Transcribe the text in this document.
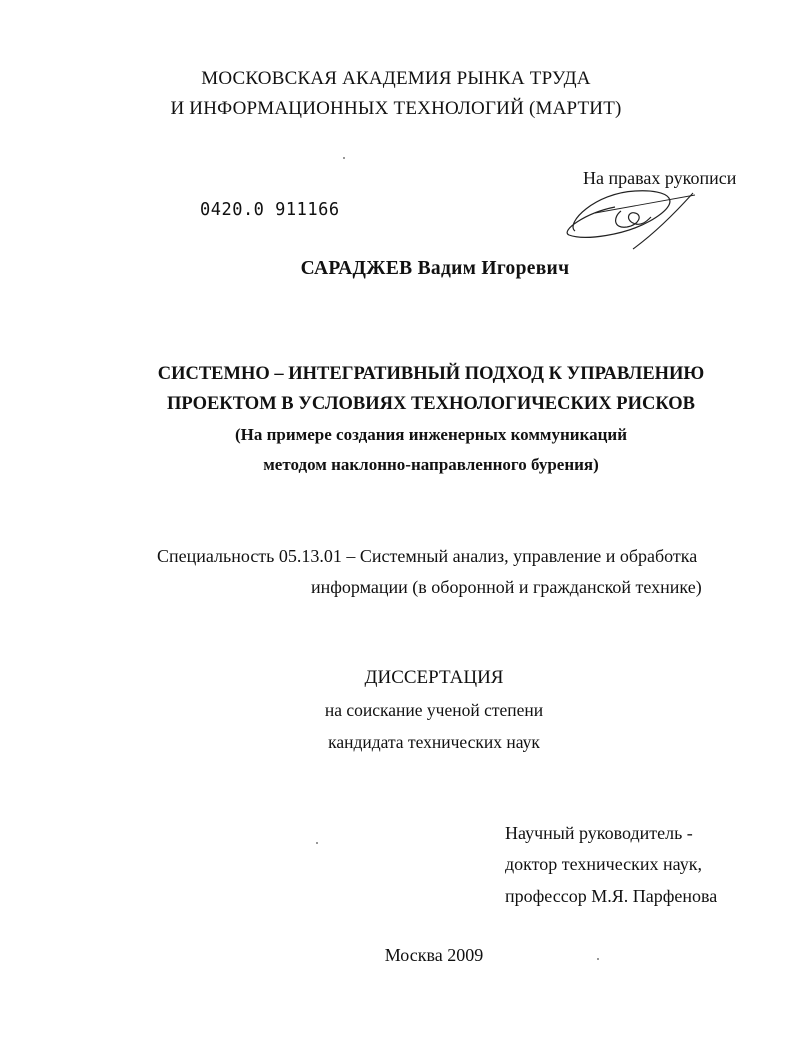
МОСКОВСКАЯ АКАДЕМИЯ РЫНКА ТРУДА
И ИНФОРМАЦИОННЫХ ТЕХНОЛОГИЙ (МАРТИТ)
0420.0 911166
На правах рукописи
САРАДЖЕВ Вадим Игоревич
СИСТЕМНО – ИНТЕГРАТИВНЫЙ ПОДХОД К УПРАВЛЕНИЮ
ПРОЕКТОМ В УСЛОВИЯХ ТЕХНОЛОГИЧЕСКИХ РИСКОВ
(На примере создания инженерных коммуникаций
методом наклонно-направленного бурения)
Специальность 05.13.01 – Системный анализ, управление и обработка
информации (в оборонной и гражданской технике)
ДИССЕРТАЦИЯ
на соискание ученой степени
кандидата технических наук
Научный руководитель -
доктор технических наук,
профессор М.Я. Парфенова
Москва 2009
